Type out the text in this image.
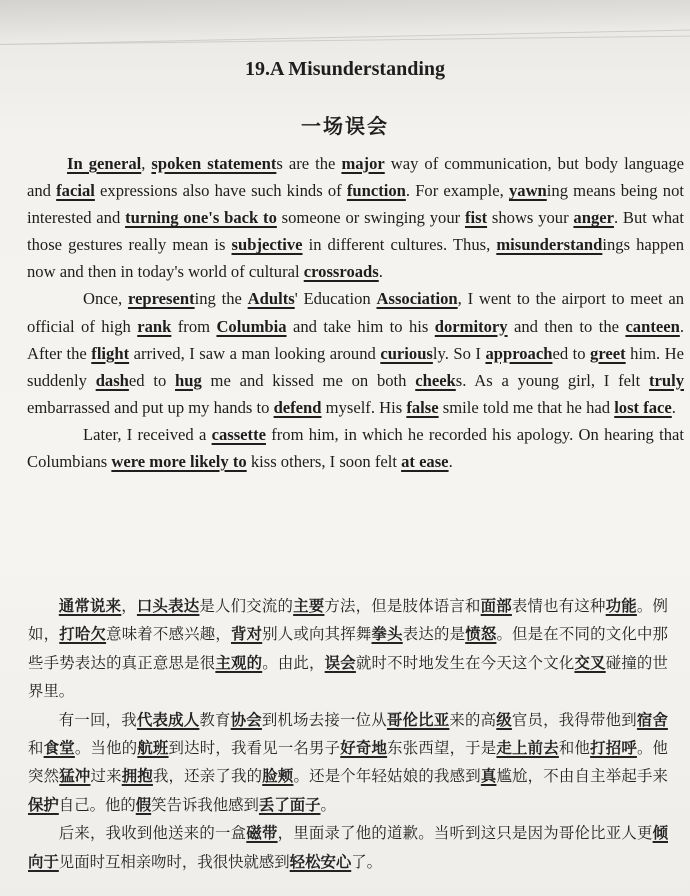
19.A Misunderstanding
一场误会

In general, spoken statements are the major way of communication, but body language and facial expressions also have such kinds of function. For example, yawning means being not interested and turning one's back to someone or swinging your fist shows your anger. But what those gestures really mean is subjective in different cultures. Thus, misunderstandings happen now and then in today's world of cultural crossroads.

Once, representing the Adults' Education Association, I went to the airport to meet an official of high rank from Columbia and take him to his dormitory and then to the canteen. After the flight arrived, I saw a man looking around curiously. So I approached to greet him. He suddenly dashed to hug me and kissed me on both cheeks. As a young girl, I felt truly embarrassed and put up my hands to defend myself. His false smile told me that he had lost face.

Later, I received a cassette from him, in which he recorded his apology. On hearing that Columbians were more likely to kiss others, I soon felt at ease.

通常说来，口头表达是人们交流的主要方法，但是肢体语言和面部表情也有这种功能。例如，打哈欠意味着不感兴趣，背对别人或向其挥舞拳头表达的是愤怒。但是在不同的文化中那些手势表达的真正意思是很主观的。由此，误会就时不时地发生在今天这个文化交叉碰撞的世界里。

有一回，我代表成人教育协会到机场去接一位从哥伦比亚来的高级官员，我得带他到宿舍和食堂。当他的航班到达时，我看见一名男子好奇地东张西望，于是走上前去和他打招呼。他突然猛冲过来拥抱我，还亲了我的脸颊。还是个年轻姑娘的我感到真尴尬，不由自主举起手来保护自己。他的假笑告诉我他感到丢了面子。

后来，我收到他送来的一盒磁带，里面录了他的道歉。当听到这只是因为哥伦比亚人更倾向于见面时互相亲吻时，我很快就感到轻松安心了。
